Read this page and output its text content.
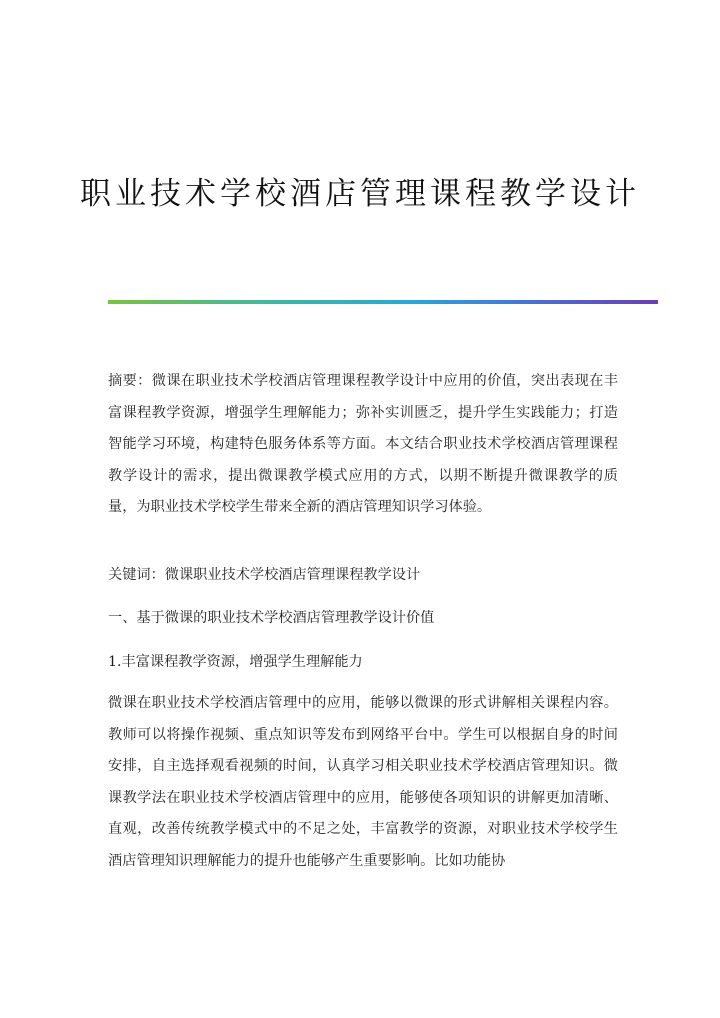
职业技术学校酒店管理课程教学设计

摘要：微课在职业技术学校酒店管理课程教学设计中应用的价值，突出表现在丰富课程教学资源，增强学生理解能力；弥补实训匮乏，提升学生实践能力；打造智能学习环境，构建特色服务体系等方面。本文结合职业技术学校酒店管理课程教学设计的需求，提出微课教学模式应用的方式，以期不断提升微课教学的质量，为职业技术学校学生带来全新的酒店管理知识学习体验。

关键词：微课职业技术学校酒店管理课程教学设计

一、基于微课的职业技术学校酒店管理教学设计价值

1.丰富课程教学资源，增强学生理解能力

微课在职业技术学校酒店管理中的应用，能够以微课的形式讲解相关课程内容。教师可以将操作视频、重点知识等发布到网络平台中。学生可以根据自身的时间安排，自主选择观看视频的时间，认真学习相关职业技术学校酒店管理知识。微课教学法在职业技术学校酒店管理中的应用，能够使各项知识的讲解更加清晰、直观，改善传统教学模式中的不足之处，丰富教学的资源，对职业技术学校学生酒店管理知识理解能力的提升也能够产生重要影响。比如功能协
